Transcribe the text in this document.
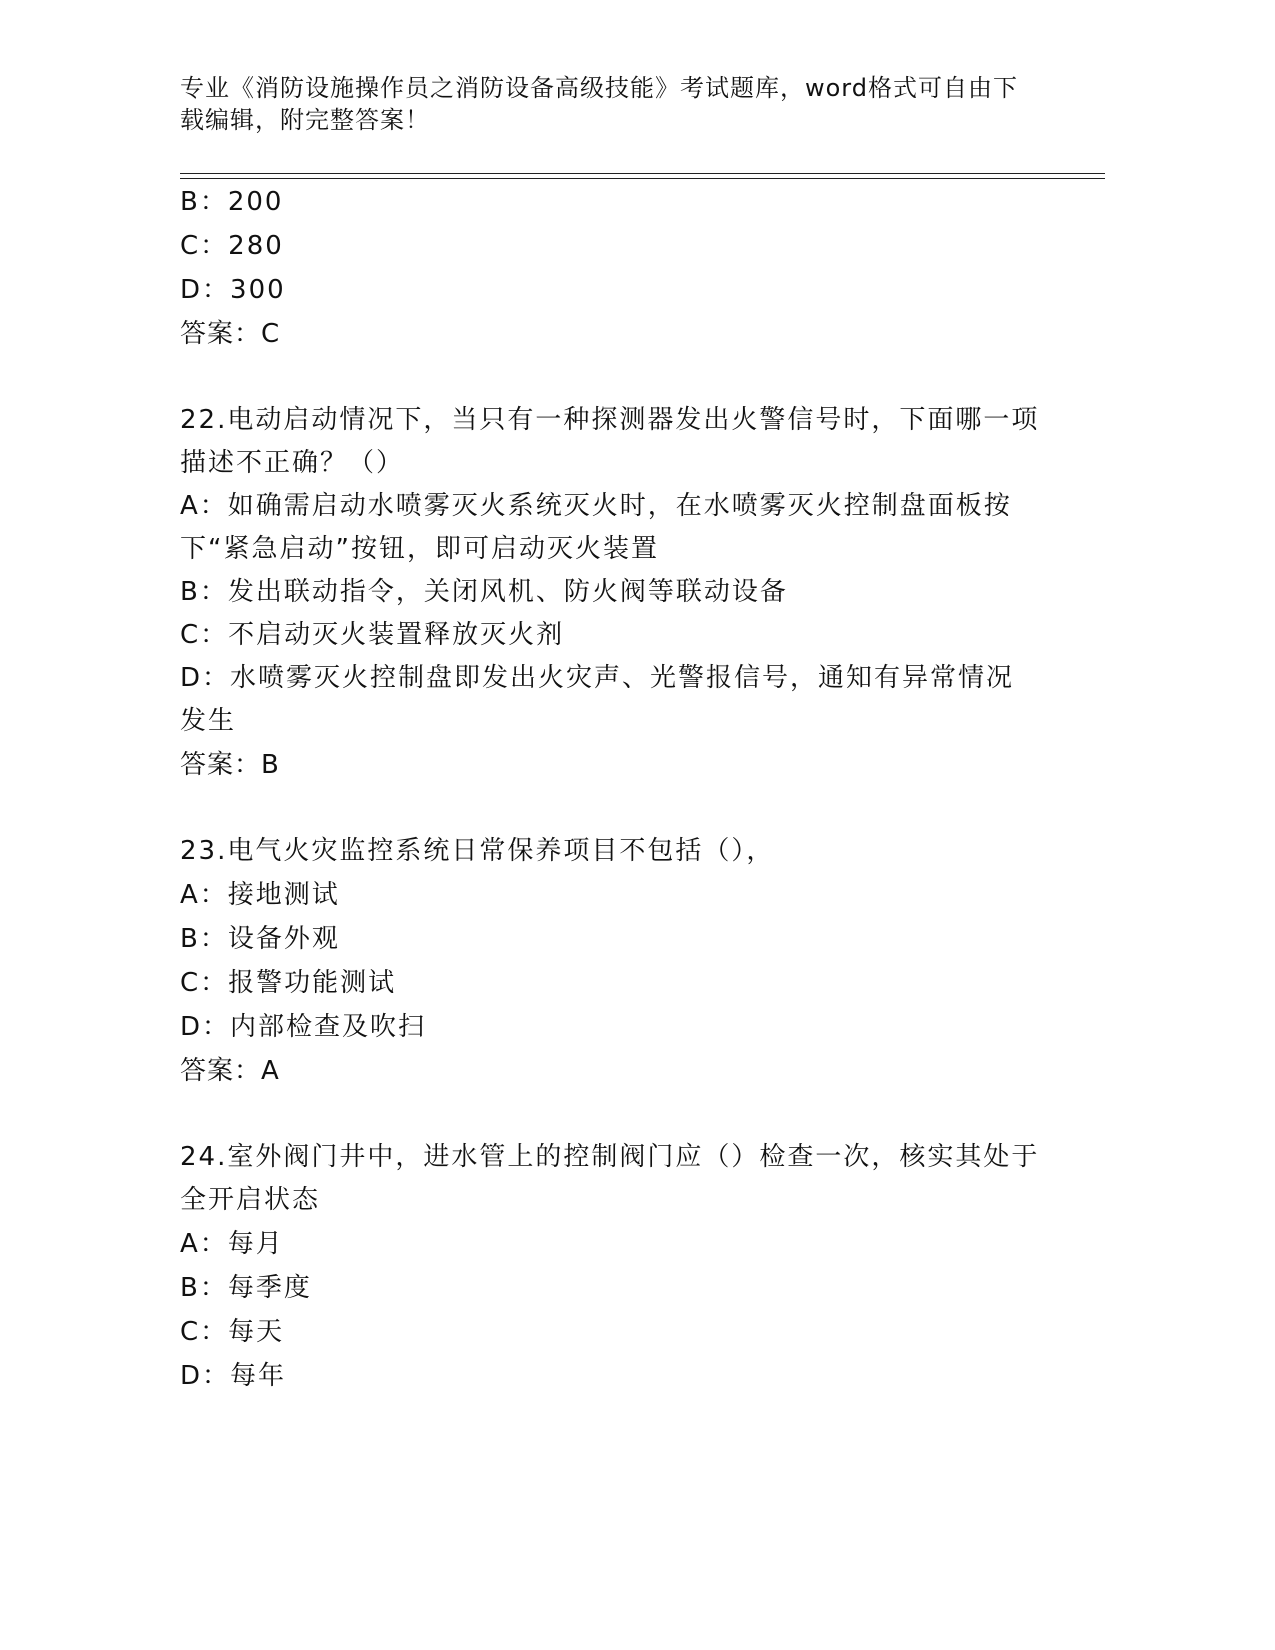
专业《消防设施操作员之消防设备高级技能》考试题库，word格式可自由下载编辑，附完整答案！

B：200

C：280

D：300

答案：C

22.电动启动情况下，当只有一种探测器发出火警信号时，下面哪一项描述不正确？（）

A：如确需启动水喷雾灭火系统灭火时，在水喷雾灭火控制盘面板按下“紧急启动”按钮，即可启动灭火装置

B：发出联动指令，关闭风机、防火阀等联动设备

C：不启动灭火装置释放灭火剂

D：水喷雾灭火控制盘即发出火灾声、光警报信号，通知有异常情况发生

答案：B

23.电气火灾监控系统日常保养项目不包括（），

A：接地测试

B：设备外观

C：报警功能测试

D：内部检查及吹扫

答案：A

24.室外阀门井中，进水管上的控制阀门应（）检查一次，核实其处于全开启状态

A：每月

B：每季度

C：每天

D：每年
